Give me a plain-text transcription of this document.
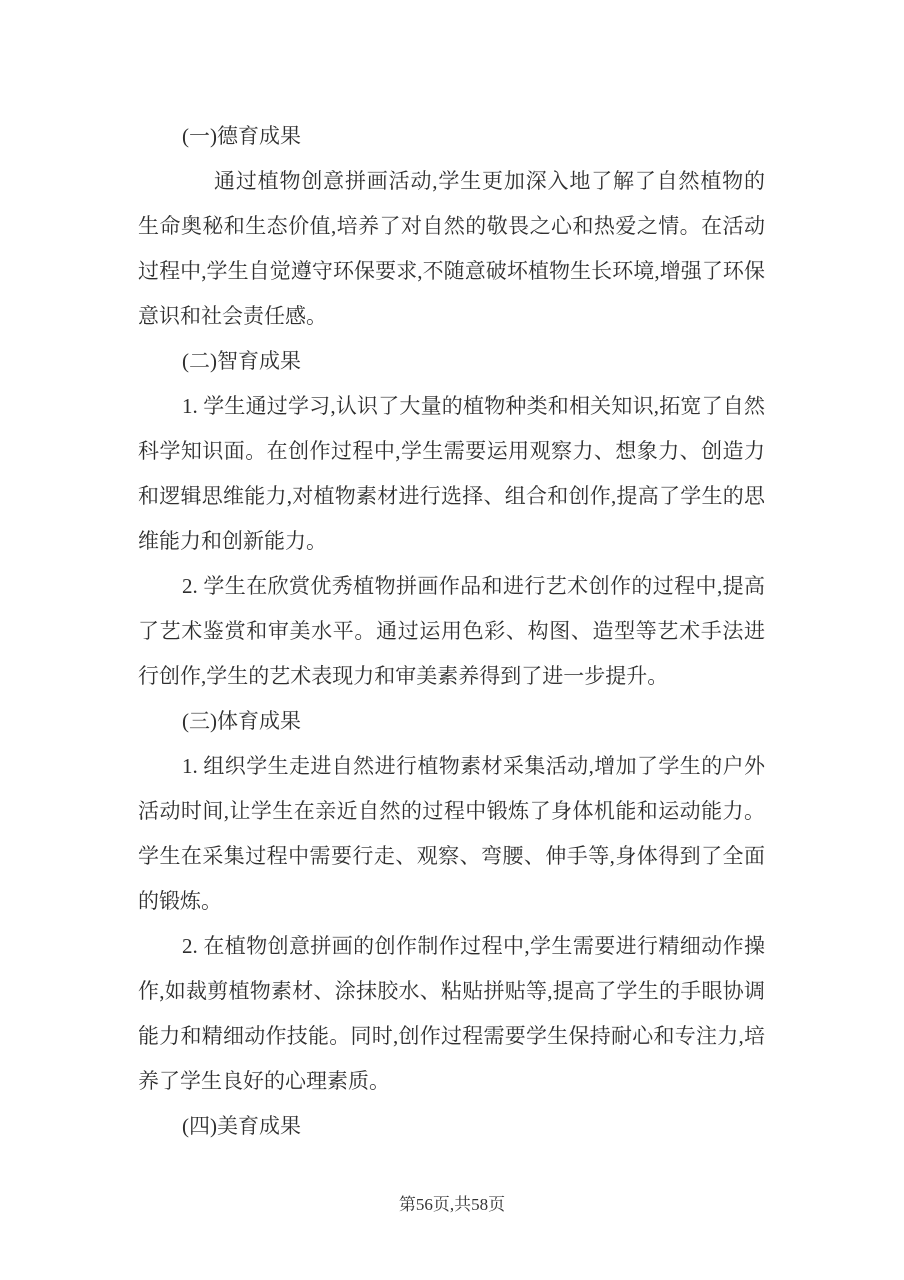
(一)德育成果

通过植物创意拼画活动,学生更加深入地了解了自然植物的生命奥秘和生态价值,培养了对自然的敬畏之心和热爱之情。在活动过程中,学生自觉遵守环保要求,不随意破坏植物生长环境,增强了环保意识和社会责任感。

(二)智育成果

1. 学生通过学习,认识了大量的植物种类和相关知识,拓宽了自然科学知识面。在创作过程中,学生需要运用观察力、想象力、创造力和逻辑思维能力,对植物素材进行选择、组合和创作,提高了学生的思维能力和创新能力。

2. 学生在欣赏优秀植物拼画作品和进行艺术创作的过程中,提高了艺术鉴赏和审美水平。通过运用色彩、构图、造型等艺术手法进行创作,学生的艺术表现力和审美素养得到了进一步提升。

(三)体育成果

1. 组织学生走进自然进行植物素材采集活动,增加了学生的户外活动时间,让学生在亲近自然的过程中锻炼了身体机能和运动能力。学生在采集过程中需要行走、观察、弯腰、伸手等,身体得到了全面的锻炼。

2. 在植物创意拼画的创作制作过程中,学生需要进行精细动作操作,如裁剪植物素材、涂抹胶水、粘贴拼贴等,提高了学生的手眼协调能力和精细动作技能。同时,创作过程需要学生保持耐心和专注力,培养了学生良好的心理素质。

(四)美育成果

第56页,共58页
